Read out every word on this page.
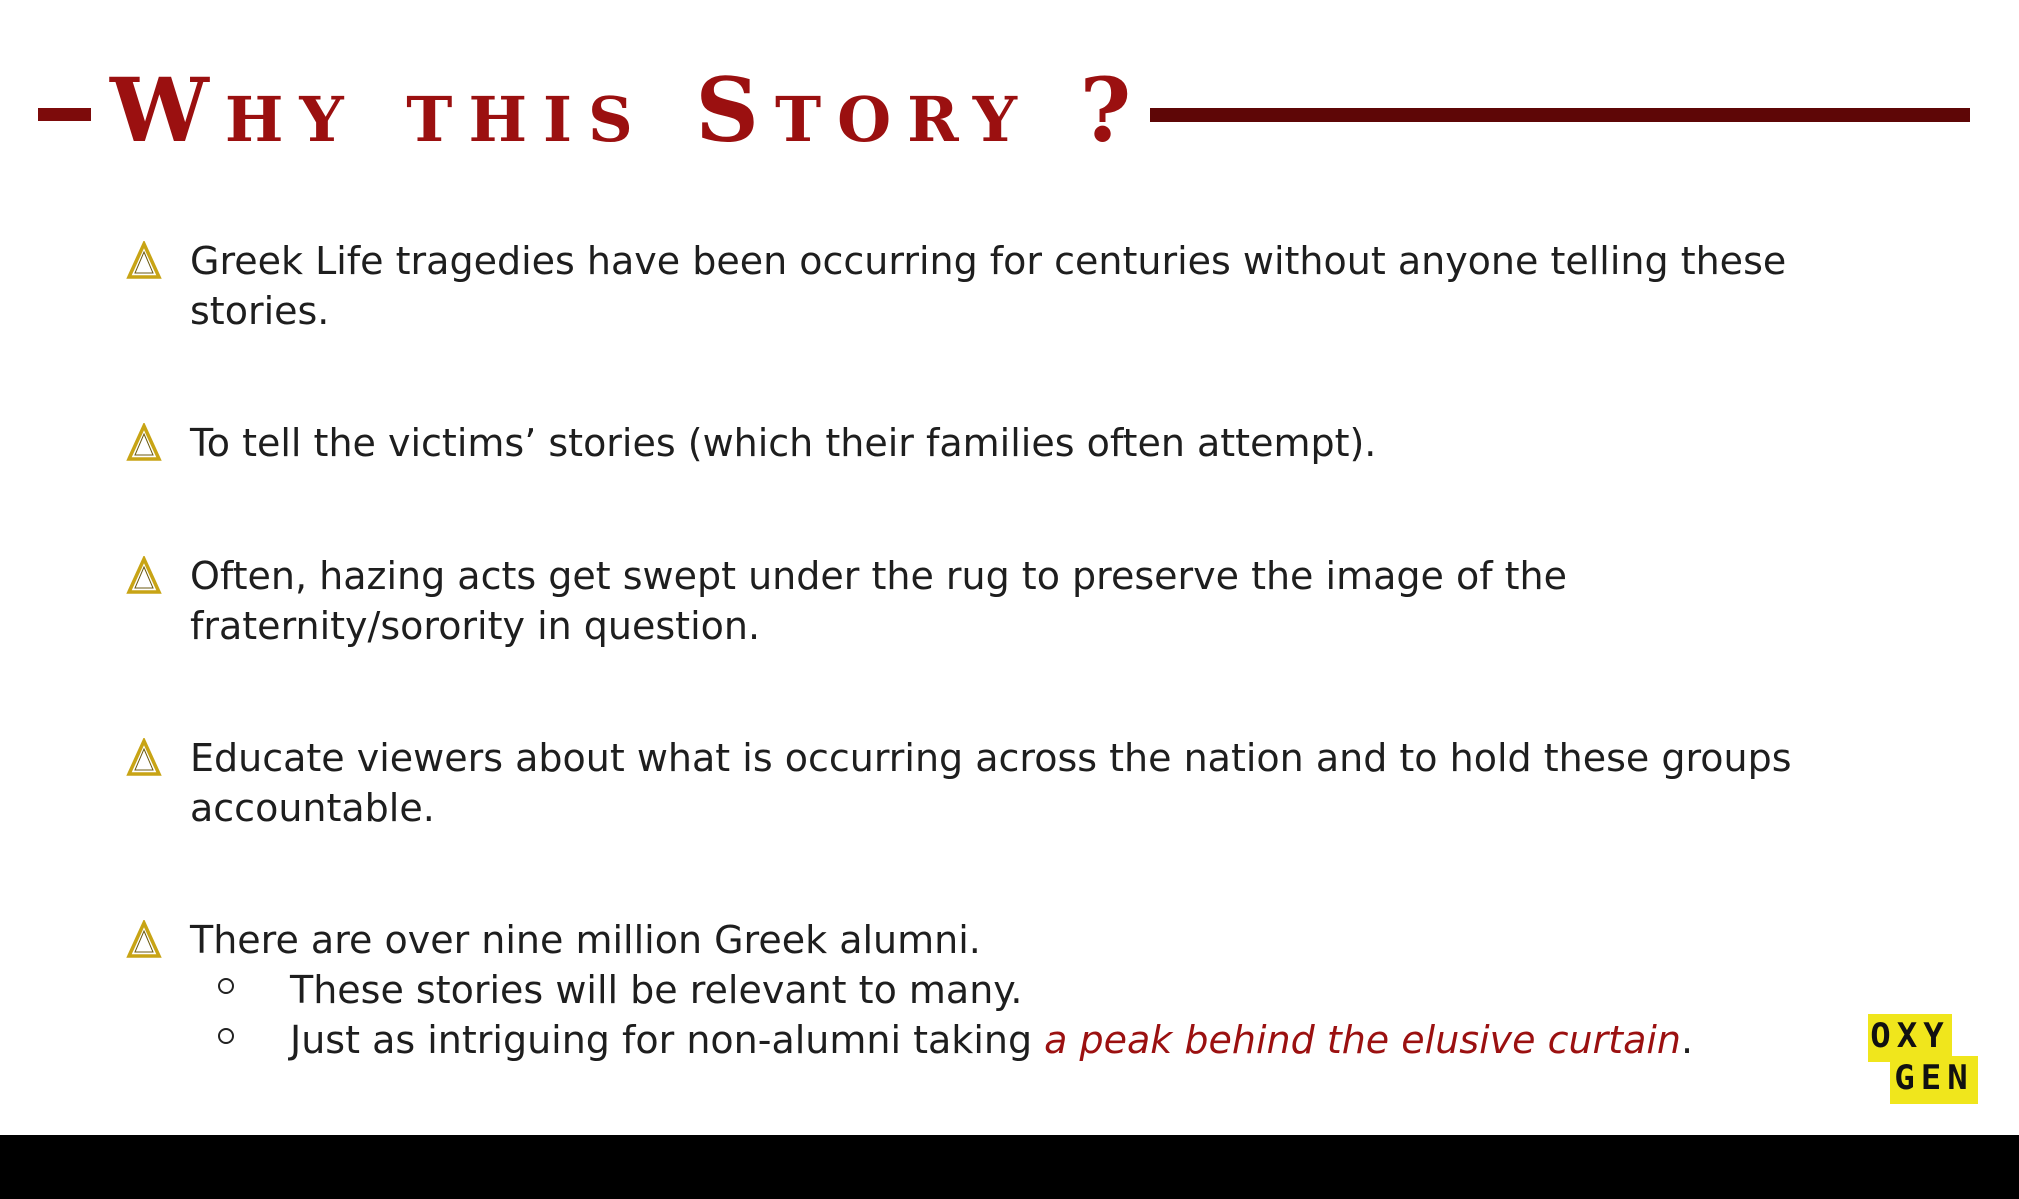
Why this Story ?

Greek Life tragedies have been occurring for centuries without anyone telling these stories.

To tell the victims’ stories (which their families often attempt).

Often, hazing acts get swept under the rug to preserve the image of the fraternity/sorority in question.

Educate viewers about what is occurring across the nation and to hold these groups accountable.

There are over nine million Greek alumni.

These stories will be relevant to many.

Just as intriguing for non-alumni taking a peak behind the elusive curtain.	OXY
GEN
